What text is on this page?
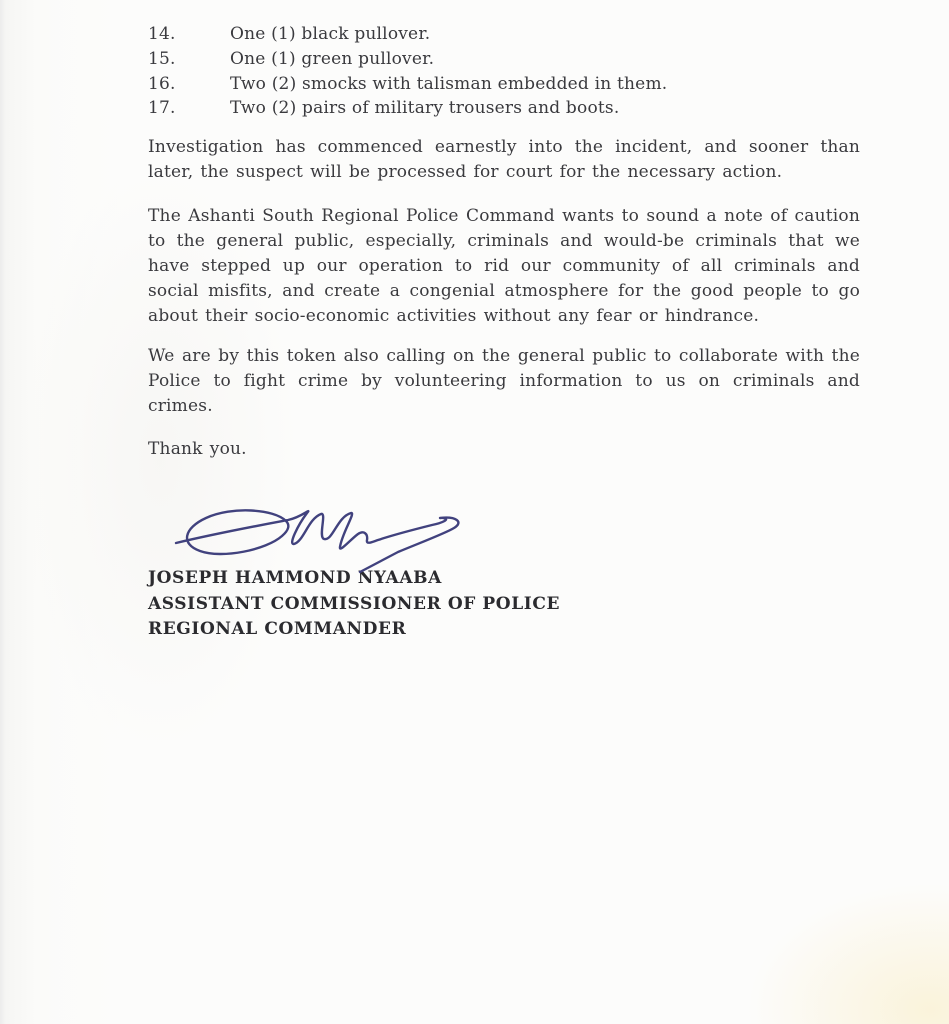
14.	One (1) black pullover.
15.	One (1) green pullover.
16.	Two (2) smocks with talisman embedded in them.
17.	Two (2) pairs of military trousers and boots.

Investigation has commenced earnestly into the incident, and sooner than later, the suspect will be processed for court for the necessary action.

The Ashanti South Regional Police Command wants to sound a note of caution to the general public, especially, criminals and would-be criminals that we have stepped up our operation to rid our community of all criminals and social misfits, and create a congenial atmosphere for the good people to go about their socio-economic activities without any fear or hindrance.

We are by this token also calling on the general public to collaborate with the Police to fight crime by volunteering information to us on criminals and crimes.

Thank you.

JOSEPH HAMMOND NYAABA
ASSISTANT COMMISSIONER OF POLICE
REGIONAL COMMANDER
